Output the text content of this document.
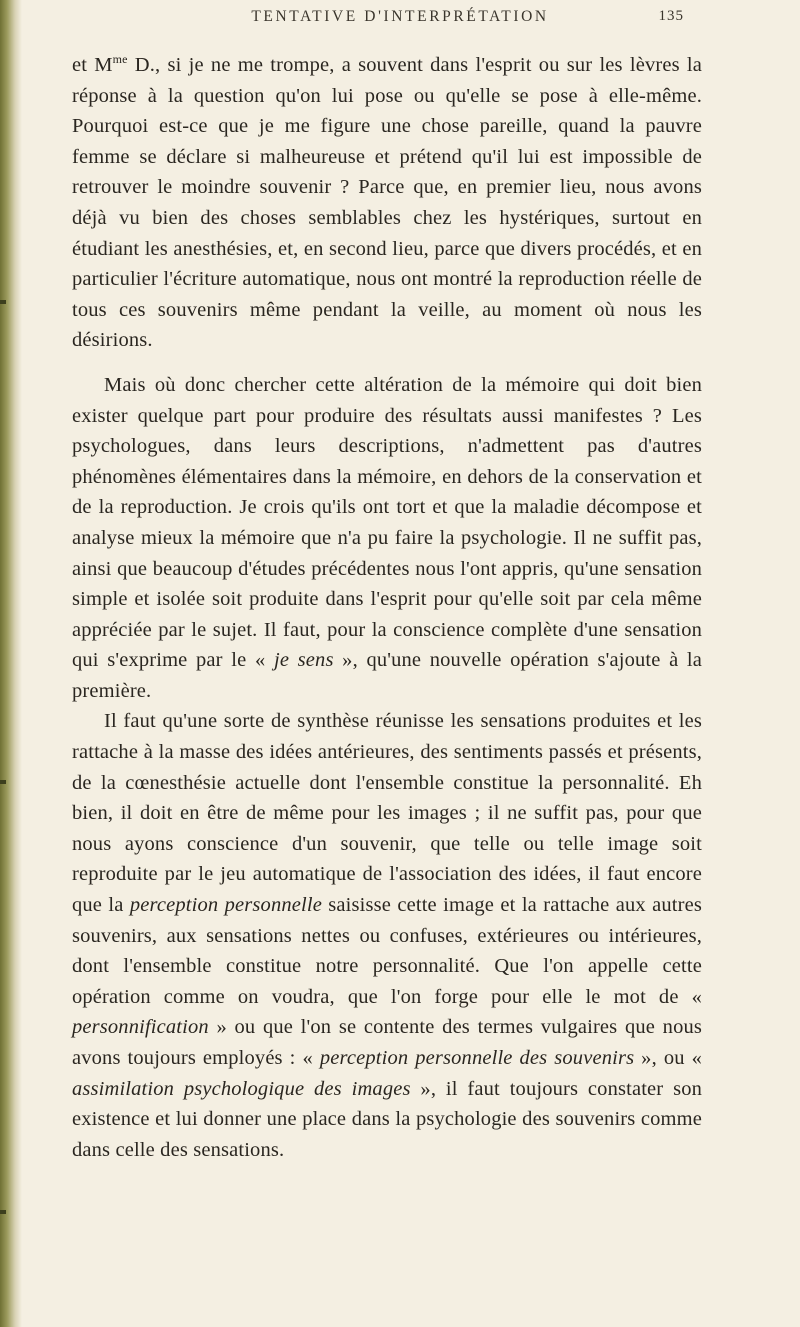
TENTATIVE D'INTERPRÉTATION	135

et $M^{me}$ D., si je ne me trompe, a souvent dans l'esprit ou sur les lèvres la réponse à la question qu'on lui pose ou qu'elle se pose à elle-même. Pourquoi est-ce que je me figure une chose pareille, quand la pauvre femme se déclare si malheureuse et prétend qu'il lui est impossible de retrouver le moindre souvenir ? Parce que, en premier lieu, nous avons déjà vu bien des choses semblables chez les hystériques, surtout en étudiant les anesthésies, et, en second lieu, parce que divers procédés, et en particulier l'écriture automatique, nous ont montré la reproduction réelle de tous ces souvenirs même pendant la veille, au moment où nous les désirions.

Mais où donc chercher cette altération de la mémoire qui doit bien exister quelque part pour produire des résultats aussi manifestes ? Les psychologues, dans leurs descriptions, n'admettent pas d'autres phénomènes élémentaires dans la mémoire, en dehors de la conservation et de la reproduction. Je crois qu'ils ont tort et que la maladie décompose et analyse mieux la mémoire que n'a pu faire la psychologie. Il ne suffit pas, ainsi que beaucoup d'études précédentes nous l'ont appris, qu'une sensation simple et isolée soit produite dans l'esprit pour qu'elle soit par cela même appréciée par le sujet. Il faut, pour la conscience complète d'une sensation qui s'exprime par le « je sens », qu'une nouvelle opération s'ajoute à la première.

Il faut qu'une sorte de synthèse réunisse les sensations produites et les rattache à la masse des idées antérieures, des sentiments passés et présents, de la cœnesthésie actuelle dont l'ensemble constitue la personnalité. Eh bien, il doit en être de même pour les images ; il ne suffit pas, pour que nous ayons conscience d'un souvenir, que telle ou telle image soit reproduite par le jeu automatique de l'association des idées, il faut encore que la perception personnelle saisisse cette image et la rattache aux autres souvenirs, aux sensations nettes ou confuses, extérieures ou intérieures, dont l'ensemble constitue notre personnalité. Que l'on appelle cette opération comme on voudra, que l'on forge pour elle le mot de « personnification » ou que l'on se contente des termes vulgaires que nous avons toujours employés : « perception personnelle des souvenirs », ou « assimilation psychologique des images », il faut toujours constater son existence et lui donner une place dans la psychologie des souvenirs comme dans celle des sensations.
